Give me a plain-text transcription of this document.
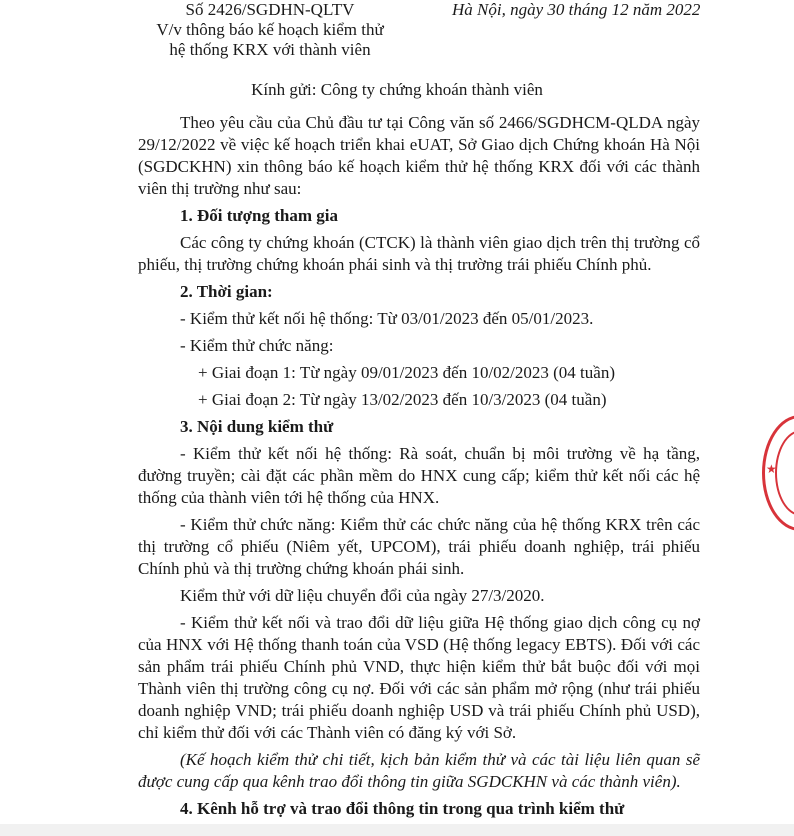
Số 2426/SGDHN-QLTV
V/v thông báo kế hoạch kiểm thử
hệ thống KRX với thành viên
Hà Nội, ngày 30 tháng 12 năm 2022
Kính gửi: Công ty chứng khoán thành viên

Theo yêu cầu của Chủ đầu tư tại Công văn số 2466/SGDHCM-QLDA ngày 29/12/2022 về việc kế hoạch triển khai eUAT, Sở Giao dịch Chứng khoán Hà Nội (SGDCKHN) xin thông báo kế hoạch kiểm thử hệ thống KRX đối với các thành viên thị trường như sau:

1. Đối tượng tham gia

Các công ty chứng khoán (CTCK) là thành viên giao dịch trên thị trường cổ phiếu, thị trường chứng khoán phái sinh và thị trường trái phiếu Chính phủ.

2. Thời gian:

- Kiểm thử kết nối hệ thống: Từ 03/01/2023 đến 05/01/2023.

- Kiểm thử chức năng:

+ Giai đoạn 1: Từ ngày 09/01/2023 đến 10/02/2023 (04 tuần)

+ Giai đoạn 2: Từ ngày 13/02/2023 đến 10/3/2023 (04 tuần)

3. Nội dung kiểm thử

- Kiểm thử kết nối hệ thống: Rà soát, chuẩn bị môi trường về hạ tầng, đường truyền; cài đặt các phần mềm do HNX cung cấp; kiểm thử kết nối các hệ thống của thành viên tới hệ thống của HNX.

- Kiểm thử chức năng: Kiểm thử các chức năng của hệ thống KRX trên các thị trường cổ phiếu (Niêm yết, UPCOM), trái phiếu doanh nghiệp, trái phiếu Chính phủ và thị trường chứng khoán phái sinh.

Kiểm thử với dữ liệu chuyển đổi của ngày 27/3/2020.

- Kiểm thử kết nối và trao đổi dữ liệu giữa Hệ thống giao dịch công cụ nợ của HNX với Hệ thống thanh toán của VSD (Hệ thống legacy EBTS). Đối với các sản phẩm trái phiếu Chính phủ VND, thực hiện kiểm thử bắt buộc đối với mọi Thành viên thị trường công cụ nợ. Đối với các sản phẩm mở rộng (như trái phiếu doanh nghiệp VND; trái phiếu doanh nghiệp USD và trái phiếu Chính phủ USD), chỉ kiểm thử đối với các Thành viên có đăng ký với Sở.

(Kế hoạch kiểm thử chi tiết, kịch bản kiểm thử và các tài liệu liên quan sẽ được cung cấp qua kênh trao đổi thông tin giữa SGDCKHN và các thành viên).

4. Kênh hỗ trợ và trao đổi thông tin trong qua trình kiểm thử

★
